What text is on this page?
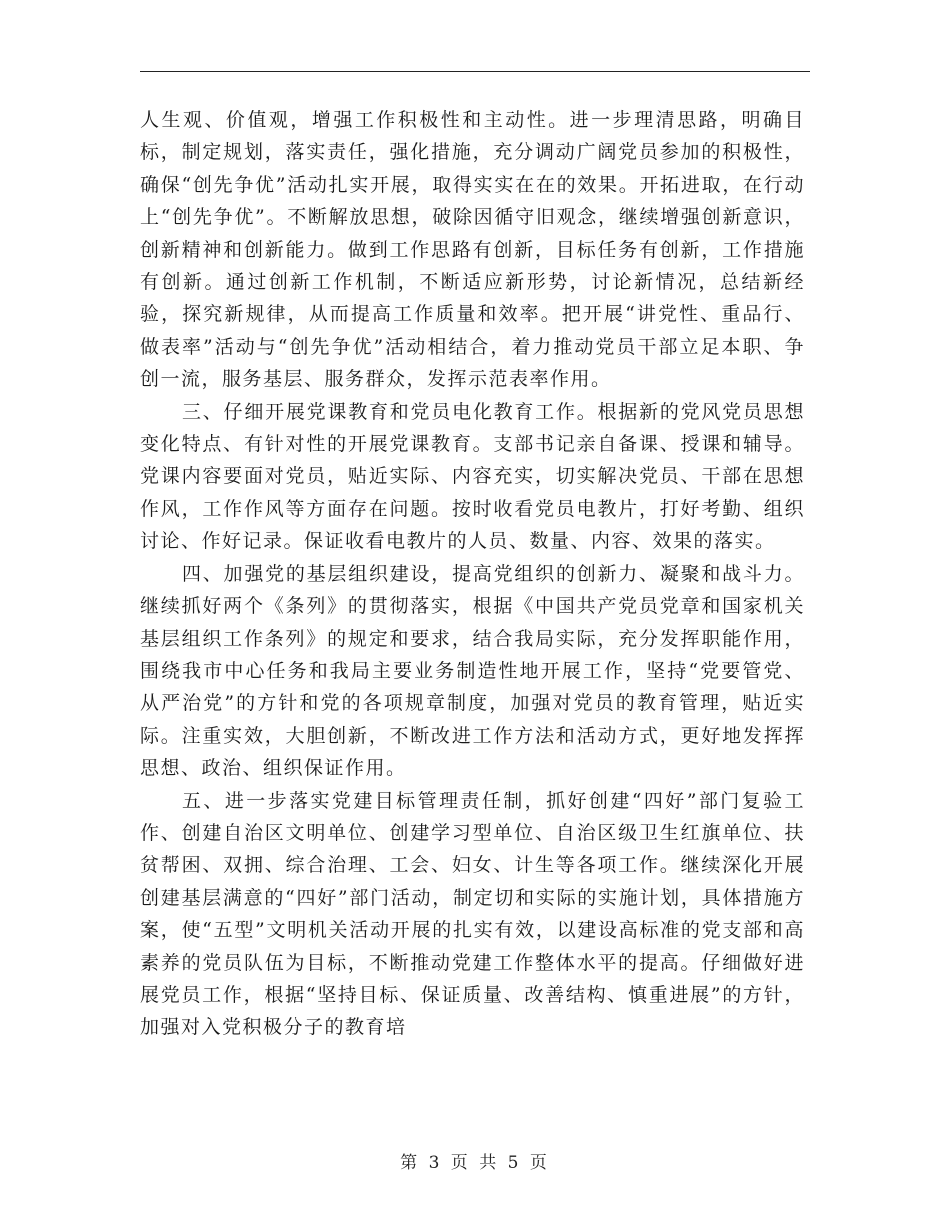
人生观、价值观，增强工作积极性和主动性。进一步理清思路，明确目标，制定规划，落实责任，强化措施，充分调动广阔党员参加的积极性，确保“创先争优”活动扎实开展，取得实实在在的效果。开拓进取，在行动上“创先争优”。不断解放思想，破除因循守旧观念，继续增强创新意识，创新精神和创新能力。做到工作思路有创新，目标任务有创新，工作措施有创新。通过创新工作机制，不断适应新形势，讨论新情况，总结新经验，探究新规律，从而提高工作质量和效率。把开展“讲党性、重品行、做表率”活动与“创先争优”活动相结合，着力推动党员干部立足本职、争创一流，服务基层、服务群众，发挥示范表率作用。

三、仔细开展党课教育和党员电化教育工作。根据新的党风党员思想变化特点、有针对性的开展党课教育。支部书记亲自备课、授课和辅导。党课内容要面对党员，贴近实际、内容充实，切实解决党员、干部在思想作风，工作作风等方面存在问题。按时收看党员电教片，打好考勤、组织讨论、作好记录。保证收看电教片的人员、数量、内容、效果的落实。

四、加强党的基层组织建设，提高党组织的创新力、凝聚和战斗力。继续抓好两个《条列》的贯彻落实，根据《中国共产党员党章和国家机关基层组织工作条列》的规定和要求，结合我局实际，充分发挥职能作用，围绕我市中心任务和我局主要业务制造性地开展工作，坚持“党要管党、从严治党”的方针和党的各项规章制度，加强对党员的教育管理，贴近实际。注重实效，大胆创新，不断改进工作方法和活动方式，更好地发挥挥思想、政治、组织保证作用。

五、进一步落实党建目标管理责任制，抓好创建“四好”部门复验工作、创建自治区文明单位、创建学习型单位、自治区级卫生红旗单位、扶贫帮困、双拥、综合治理、工会、妇女、计生等各项工作。继续深化开展创建基层满意的“四好”部门活动，制定切和实际的实施计划，具体措施方案，使“五型”文明机关活动开展的扎实有效，以建设高标准的党支部和高素养的党员队伍为目标，不断推动党建工作整体水平的提高。仔细做好进展党员工作，根据“坚持目标、保证质量、改善结构、慎重进展”的方针，加强对入党积极分子的教育培

第 3 页 共 5 页
